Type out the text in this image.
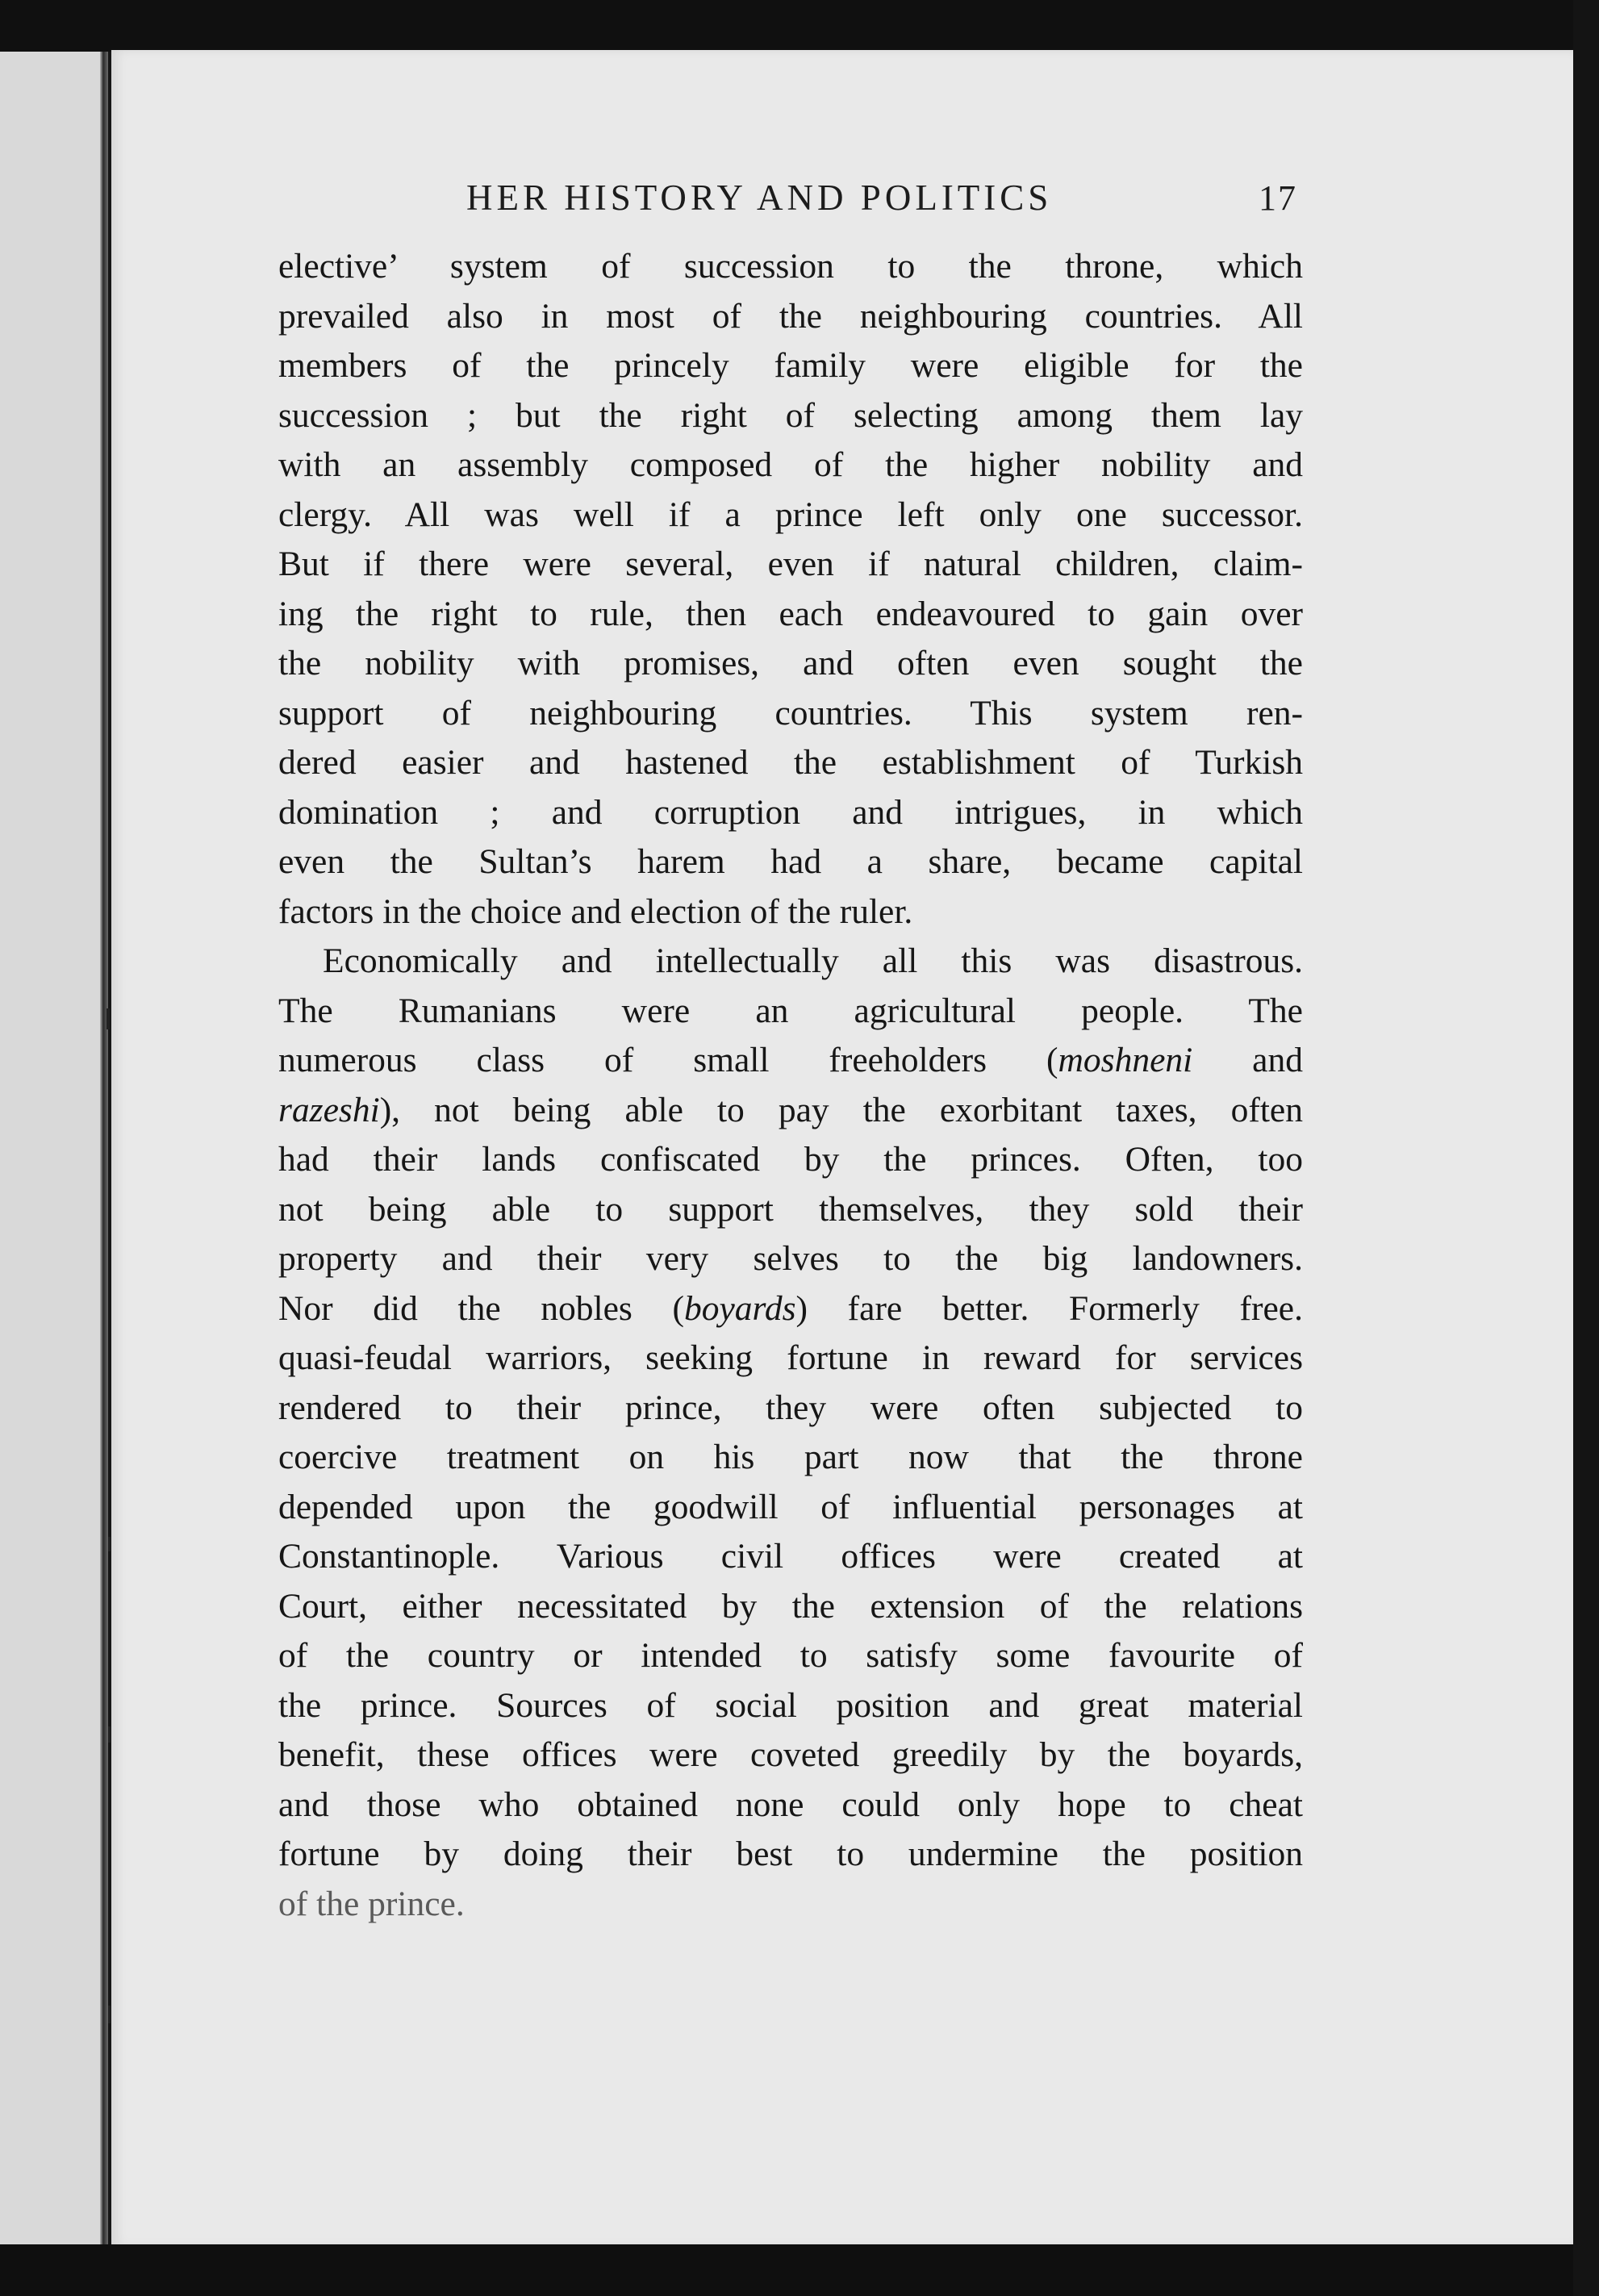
HER HISTORY AND POLITICS	17
elective’ system of succession to the throne, which
prevailed also in most of the neighbouring countries. All
members of the princely family were eligible for the
succession ; but the right of selecting among them lay
with an assembly composed of the higher nobility and
clergy. All was well if a prince left only one successor.
But if there were several, even if natural children, claim-
ing the right to rule, then each endeavoured to gain over
the nobility with promises, and often even sought the
support of neighbouring countries. This system ren-
dered easier and hastened the establishment of Turkish
domination ; and corruption and intrigues, in which
even the Sultan’s harem had a share, became capital
factors in the choice and election of the ruler.
Economically and intellectually all this was disastrous.
The Rumanians were an agricultural people. The
numerous class of small freeholders (moshneni and
razeshi), not being able to pay the exorbitant taxes, often
had their lands confiscated by the princes. Often, too
not being able to support themselves, they sold their
property and their very selves to the big landowners.
Nor did the nobles (boyards) fare better. Formerly free.
quasi-feudal warriors, seeking fortune in reward for services
rendered to their prince, they were often subjected to
coercive treatment on his part now that the throne
depended upon the goodwill of influential personages at
Constantinople. Various civil offices were created at
Court, either necessitated by the extension of the relations
of the country or intended to satisfy some favourite of
the prince. Sources of social position and great material
benefit, these offices were coveted greedily by the boyards,
and those who obtained none could only hope to cheat
fortune by doing their best to undermine the position
of the prince.
